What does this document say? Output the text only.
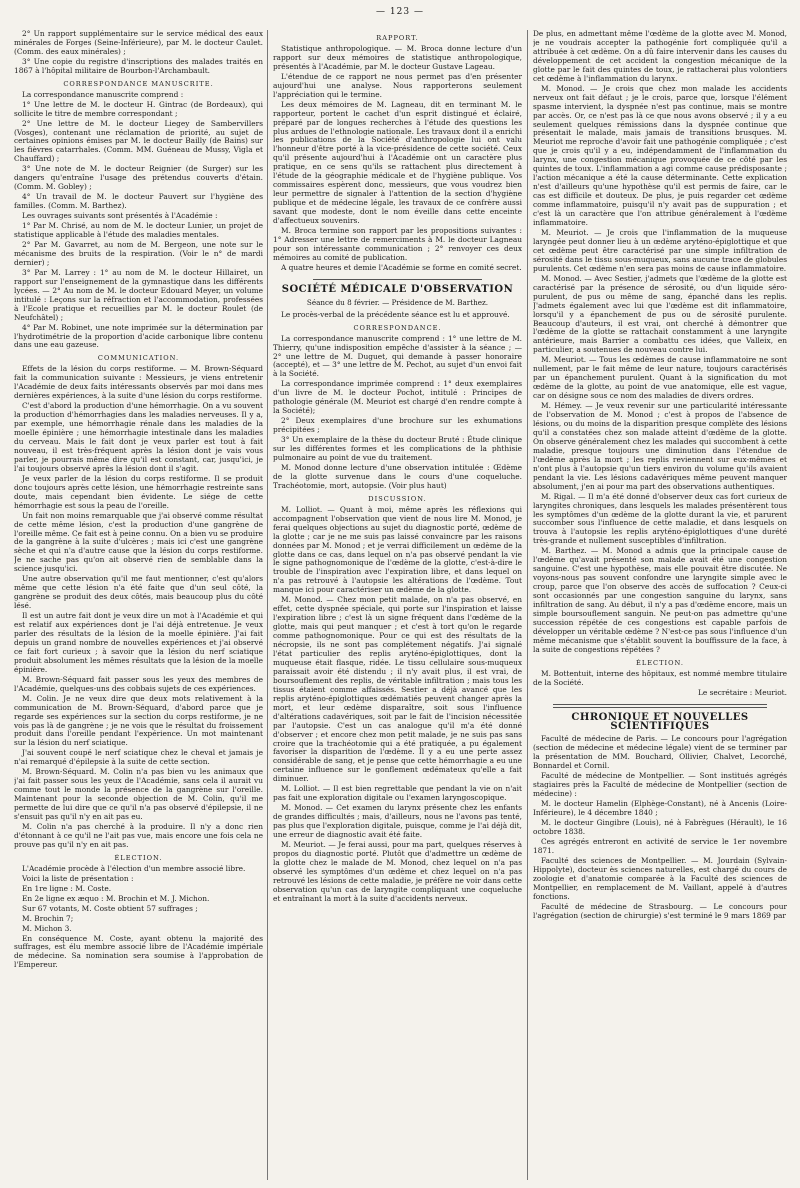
— 123 —

2° Un rapport supplémentaire sur le service médical des eaux minérales de Forges (Seine-Inférieure), par M. le docteur Caulet. (Comm. des eaux minérales) ;

3° Une copie du registre d'inscriptions des malades traités en 1867 à l'hôpital militaire de Bourbon-l'Archambault.

CORRESPONDANCE MANUSCRITE.

La correspondance manuscrite comprend :

1° Une lettre de M. le docteur H. Gintrac (de Bordeaux), qui sollicite le titre de membre correspondant ;

2° Une lettre de M. le docteur Liegey de Sambervillers (Vosges), contenant une réclamation de priorité, au sujet de certaines opinions émises par M. le docteur Bailly (de Bains) sur les fièvres catarrhales. (Comm. MM. Guéneau de Mussy, Vigla et Chauffard) ;

3° Une note de M. le docteur Reignier (de Surger) sur les dangers qu'entraîne l'usage des prétendus couverts d'étain. (Comm. M. Gobley) ;

4° Un travail de M. le docteur Pauvert sur l'hygiène des familles. (Comm. M. Barthez).

Les ouvrages suivants sont présentés à l'Académie :

1° Par M. Chrisé, au nom de M. le docteur Lunier, un projet de statistique applicable à l'étude des maladies mentales.

2° Par M. Gavarret, au nom de M. Bergeon, une note sur le mécanisme des bruits de la respiration. (Voir le n° de mardi dernier) ;

3° Par M. Larrey : 1° au nom de M. le docteur Hillairet, un rapport sur l'enseignement de la gymnastique dans les différents lycées. — 2° Au nom de M. le docteur Edouard Meyer, un volume intitulé : Leçons sur la réfraction et l'accommodation, professées à l'Ecole pratique et recueillies par M. le docteur Roulet (de Neufchâtel) ;

4° Par M. Robinet, une note imprimée sur la détermination par l'hydrotimétrie de la proportion d'acide carbonique libre contenu dans une eau gazeuse.

COMMUNICATION.

Effets de la lésion du corps restiforme. — M. Brown-Séquard fait la communication suivante : Messieurs, je viens entretenir l'Académie de deux faits intéressants observés par moi dans mes dernières expériences, à la suite d'une lésion du corps restiforme.

C'est d'abord la production d'une hémorrhagie. On a vu souvent la production d'hémorrhagies dans les maladies nerveuses. Il y a, par exemple, une hémorrhagie rénale dans les maladies de la moelle épinière ; une hémorrhagie intestinale dans les maladies du cerveau. Mais le fait dont je veux parler est tout à fait nouveau, il est très-fréquent après la lésion dont je vais vous parler, je pourrais même dire qu'il est constant, car, jusqu'ici, je l'ai toujours observé après la lésion dont il s'agit.

Je veux parler de la lésion du corps restiforme. Il se produit donc toujours après cette lésion, une hémorrhagie restreinte sans doute, mais cependant bien évidente. Le siége de cette hémorrhagie est sous la peau de l'oreille.

Un fait non moins remarquable que j'ai observé comme résultat de cette même lésion, c'est la production d'une gangrène de l'oreille même. Ce fait est à peine connu. On a bien vu se produire de la gangrène à la suite d'ulcères ; mais ici c'est une gangrène sèche et qui n'a d'autre cause que la lésion du corps restiforme. Je ne sache pas qu'on ait observé rien de semblable dans la science jusqu'ici.

Une autre observation qu'il me faut mentionner, c'est qu'alors même que cette lésion n'a été faite que d'un seul côté, la gangrène se produit des deux côtés, mais beaucoup plus du côté lésé.

Il est un autre fait dont je veux dire un mot à l'Académie et qui est relatif aux expériences dont je l'ai déjà entretenue. Je veux parler des résultats de la lésion de la moelle épinière. J'ai fait depuis un grand nombre de nouvelles expériences et j'ai observé ce fait fort curieux ; à savoir que la lésion du nerf sciatique produit absolument les mêmes résultats que la lésion de la moelle épinière.

M. Brown-Séquard fait passer sous les yeux des membres de l'Académie, quelques-uns des cobbais sujets de ces expériences.

M. Colin. Je ne veux dire que deux mots relativement à la communication de M. Brown-Séquard, d'abord parce que je regarde ses expériences sur la section du corps restiforme, je ne vois pas là de gangrène ; je ne vois que le résultat du froissement produit dans l'oreille pendant l'expérience. Un mot maintenant sur la lésion du nerf sciatique.

J'ai souvent coupé le nerf sciatique chez le cheval et jamais je n'ai remarqué d'épilepsie à la suite de cette section.

M. Brown-Séquard. M. Colin n'a pas bien vu les animaux que j'ai fait passer sous les yeux de l'Académie, sans cela il aurait vu comme tout le monde la présence de la gangrène sur l'oreille. Maintenant pour la seconde objection de M. Colin, qu'il me permette de lui dire que ce qu'il n'a pas observé d'épilepsie, il ne s'ensuit pas qu'il n'y en ait pas eu.

M. Colin n'a pas cherché à la produire. Il n'y a donc rien d'étonnant à ce qu'il ne l'ait pas vue, mais encore une fois cela ne prouve pas qu'il n'y en ait pas.

ÉLECTION.

L'Académie procède à l'élection d'un membre associé libre.

Voici la liste de présentation :

En 1re ligne : M. Coste.

En 2e ligne ex æquo : M. Brochin et M. J. Michon.

Sur 67 votants, M. Coste obtient 57 suffrages ;

M. Brochin 7;

M. Michon 3.

En conséquence M. Coste, ayant obtenu la majorité des suffrages, est élu membre associé libre de l'Académie impériale de médecine. Sa nomination sera soumise à l'approbation de l'Empereur.

RAPPORT.

Statistique anthropologique. — M. Broca donne lecture d'un rapport sur deux mémoires de statistique anthropologique, présentés à l'Académie, par M. le docteur Gustave Lageau.

L'étendue de ce rapport ne nous permet pas d'en présenter aujourd'hui une analyse. Nous rapporterons seulement l'appréciation qui le termine.

Les deux mémoires de M. Lagneau, dit en terminant M. le rapporteur, portent le cachet d'un esprit distingué et éclairé, préparé par de longues recherches à l'étude des questions les plus ardues de l'ethnologie nationale. Les travaux dont il a enrichi les publications de la Société d'anthropologie lui ont valu l'honneur d'être porté à la vice-présidence de cette société. Ceux qu'il présente aujourd'hui à l'Académie ont un caractère plus pratique, en ce sens qu'ils se rattachent plus directement à l'étude de la géographie médicale et de l'hygiène publique. Vos commissaires espèrent donc, messieurs, que vous voudrez bien leur permettre de signaler à l'attention de la section d'hygiène publique et de médecine légale, les travaux de ce confrère aussi savant que modeste, dont le nom éveille dans cette enceinte d'affectueux souvenirs.

M. Broca termine son rapport par les propositions suivantes : 1° Adresser une lettre de remerciments à M. le docteur Lagneau pour son intéressante communication ; 2° renvoyer ces deux mémoires au comité de publication.

A quatre heures et demie l'Académie se forme en comité secret.

SOCIÉTÉ MÉDICALE D'OBSERVATION
Séance du 8 février. — Présidence de M. Barthez.

Le procès-verbal de la précédente séance est lu et approuvé.

CORRESPONDANCE.

La correspondance manuscrite comprend : 1° une lettre de M. Thierry, qu'une indisposition empêche d'assister à la séance ; — 2° une lettre de M. Duguet, qui demande à passer honoraire (accepté), et — 3° une lettre de M. Pechot, au sujet d'un envoi fait à la Société.

La correspondance imprimée comprend : 1° deux exemplaires d'un livre de M. le docteur Pochot, intitulé : Principes de pathologie générale (M. Meuriot est chargé d'en rendre compte à la Société);

2° Deux exemplaires d'une brochure sur les exhumations précipitées ;

3° Un exemplaire de la thèse du docteur Bruté : Étude clinique sur les différentes formes et les complications de la phthisie pulmonaire au point de vue du traitement.

M. Monod donne lecture d'une observation intitulée : Œdème de la glotte survenue dans le cours d'une coqueluche. Trachéotomie, mort, autopsie. (Voir plus haut)

DISCUSSION.

M. Lolliot. — Quant à moi, même après les réflexions qui accompagnent l'observation que vient de nous lire M. Monod, je ferai quelques objections au sujet du diagnostic porté, œdème de la glotte ; car je ne me suis pas laissé convaincre par les raisons données par M. Monod ; et je verrai difficilement un œdème de la glotte dans ce cas, dans lequel on n'a pas observé pendant la vie le signe pathognomonique de l'œdème de la glotte, c'est-à-dire le trouble de l'inspiration avec l'expiration libre, et dans lequel on n'a pas retrouvé à l'autopsie les altérations de l'œdème. Tout manque ici pour caractériser un œdème de la glotte.

M. Monod. — Chez mon petit malade, on n'a pas observé, en effet, cette dyspnée spéciale, qui porte sur l'inspiration et laisse l'expiration libre ; c'est là un signe fréquent dans l'œdème de la glotte, mais qui peut manquer ; et c'est à tort qu'on le regarde comme pathognomonique. Pour ce qui est des résultats de la nécropsie, ils ne sont pas complétement négatifs. J'ai signalé l'état particulier des replis aryténo-épiglottiques, dont la muqueuse était flasque, ridée. Le tissu cellulaire sous-muqueux paraissait avoir été distendu ; il n'y avait plus, il est vrai, de boursouflement des replis, de véritable infiltration ; mais tous les tissus étaient comme affaissés. Sestier a déjà avancé que les replis aryténo-épiglottiques œdématiés peuvent changer après la mort, et leur œdème disparaître, soit sous l'influence d'altérations cadavériques, soit par le fait de l'incision nécessitée par l'autopsie. C'est un cas analogue qu'il m'a été donné d'observer ; et encore chez mon petit malade, je ne suis pas sans croire que la trachéotomie qui a été pratiquée, a pu également favoriser la disparition de l'œdème. Il y a eu une perte assez considérable de sang, et je pense que cette hémorrhagie a eu une certaine influence sur le gonflement œdémateux qu'elle a fait diminuer.

M. Lolliot. — Il est bien regrettable que pendant la vie on n'ait pas fait une exploration digitale ou l'examen laryngoscopique.

M. Monod. — Cet examen du larynx présente chez les enfants de grandes difficultés ; mais, d'ailleurs, nous ne l'avons pas tenté, pas plus que l'exploration digitale, puisque, comme je l'ai déjà dit, une erreur de diagnostic avait été faite.

M. Meuriot. — Je ferai aussi, pour ma part, quelques réserves à propos du diagnostic porté. Plutôt que d'admettre un œdème de la glotte chez le malade de M. Monod, chez lequel on n'a pas observé les symptômes d'un œdème et chez lequel on n'a pas retrouvé les lésions de cette maladie, je préfère ne voir dans cette observation qu'un cas de laryngite compliquant une coqueluche et entraînant la mort à la suite d'accidents nerveux.

De plus, en admettant même l'œdème de la glotte avec M. Monod, je ne voudrais accepter la pathogénie fort compliquée qu'il a attribuée à cet œdème. On a dû faire intervenir dans les causes du développement de cet accident la congestion mécanique de la glotte par le fait des quintes de toux, je rattacherai plus volontiers cet œdème à l'inflammation du larynx.

M. Monod. — Je crois que chez mon malade les accidents nerveux ont fait défaut ; je le crois, parce que, lorsque l'élément spasme intervient, la dyspnée n'est pas continue, mais se montre par accès. Or, ce n'est pas là ce que nous avons observé ; il y a eu seulement quelques rémissions dans la dyspnée continue que présentait le malade, mais jamais de transitions brusques. M. Meuriot me reproche d'avoir fait une pathogénie compliquée ; c'est que je crois qu'il y a eu, indépendamment de l'inflammation du larynx, une congestion mécanique provoquée de ce côté par les quintes de toux. L'inflammation a agi comme cause prédisposante ; l'action mécanique a été la cause déterminante. Cette explication n'est d'ailleurs qu'une hypothèse qu'il est permis de faire, car le cas est difficile et douteux. De plus, je puis regarder cet œdème comme inflammatoire, puisqu'il n'y avait pas de suppuration ; et c'est là un caractère que l'on attribue généralement à l'œdème inflammatoire.

M. Meuriot. — Je crois que l'inflammation de la muqueuse laryngée peut donner lieu à un œdème aryténo-épiglottique et que cet œdème peut être caractérisé par une simple infiltration de sérosité dans le tissu sous-muqueux, sans aucune trace de globules purulents. Cet œdème n'en sera pas moins de cause inflammatoire.

M. Monod. — Avec Sestier, j'admets que l'œdème de la glotte est caractérisé par la présence de sérosité, ou d'un liquide séro-purulent, de pus ou même de sang, épanché dans les replis. J'admets également avec lui que l'œdème est dit inflammatoire, lorsqu'il y a épanchement de pus ou de sérosité purulente. Beaucoup d'auteurs, il est vrai, ont cherché à démontrer que l'œdème de la glotte se rattachait constamment à une laryngite antérieure, mais Barrier a combattu ces idées, que Valleix, en particulier, a soutenues de nouveau contre lui.

M. Meuriot. — Tous les œdèmes de cause inflammatoire ne sont nullement, par le fait même de leur nature, toujours caractérisés par un épanchement purulent. Quant à la signification du mot œdème de la glotte, au point de vue anatomique, elle est vague, car on désigne sous ce nom des maladies de divers ordres.

M. Hémey. — Je veux revenir sur une particularité intéressante de l'observation de M. Monod ; c'est à propos de l'absence de lésions, ou du moins de la disparition presque complète des lésions qu'il a constatées chez son malade atteint d'œdème de la glotte. On observe généralement chez les malades qui succombent à cette maladie, presque toujours une diminution dans l'étendue de l'œdème après la mort ; les replis reviennent sur eux-mêmes et n'ont plus à l'autopsie qu'un tiers environ du volume qu'ils avaient pendant la vie. Les lésions cadavériques même peuvent manquer absolument, j'en ai pour ma part des observations authentiques.

M. Rigal. — Il m'a été donné d'observer deux cas fort curieux de laryngites chroniques, dans lesquels les malades présentèrent tous les symptômes d'un œdème de la glotte durant la vie, et parurent succomber sous l'influence de cette maladie, et dans lesquels on trouva à l'autopsie les replis aryténo-épiglottiques d'une durété très-grande et nullement susceptibles d'infiltration.

M. Barthez. — M. Monod a admis que la principale cause de l'œdème qu'avait présenté son malade avait été une congestion sanguine. C'est une hypothèse, mais elle pouvait être discutée. Ne voyons-nous pas souvent confondre une laryngite simple avec le croup, parce que l'on observe des accès de suffocation ? Ceux-ci sont occasionnés par une congestion sanguine du larynx, sans infiltration de sang. Au début, il n'y a pas d'œdème encore, mais un simple boursouflement sanguin. Ne peut-on pas admettre qu'une succession répétée de ces congestions est capable parfois de développer un véritable œdème ? N'est-ce pas sous l'influence d'un même mécanisme que s'établit souvent la bouffissure de la face, à la suite de congestions répétées ?

ÉLECTION.

M. Bottentuit, interne des hôpitaux, est nommé membre titulaire de la Société.

Le secrétaire : Meuriot.

CHRONIQUE ET NOUVELLES SCIENTIFIQUES

Faculté de médecine de Paris. — Le concours pour l'agrégation (section de médecine et médecine légale) vient de se terminer par la présentation de MM. Bouchard, Ollivier, Chalvet, Lecorché, Bonnardel et Cornil.

Faculté de médecine de Montpellier. — Sont institués agrégés stagiaires près la Faculté de médecine de Montpellier (section de médecine) :

M. le docteur Hamelin (Elphège-Constant), né à Ancenis (Loire-Inférieure), le 4 décembre 1840 ;

M. le docteur Gingibre (Louis), né à Fabrègues (Hérault), le 16 octobre 1838.

Ces agrégés entreront en activité de service le 1er novembre 1871.

Faculté des sciences de Montpellier. — M. Jourdain (Sylvain-Hippolyte), docteur ès sciences naturelles, est chargé du cours de zoologie et d'anatomie comparée à la Faculté des sciences de Montpellier, en remplacement de M. Vaillant, appelé à d'autres fonctions.

Faculté de médecine de Strasbourg. — Le concours pour l'agrégation (section de chirurgie) s'est terminé le 9 mars 1869 par
